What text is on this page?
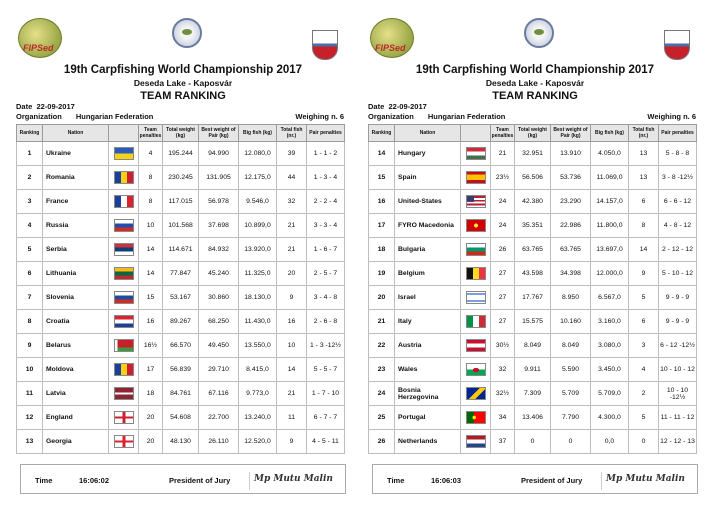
FIPSed
19th Carpfishing World Championship 2017
Deseda Lake - Kaposvár
TEAM RANKING
Date 22-09-2017
Organization Hungarian Federation	Weighing n. 6
Ranking	Nation		Team penalties	Total weight (kg)	Best weight of Pair (kg)	Big fish (kg)	Total fish (nr.)	Pair penalties
1	Ukraine		4	195.244	94.990	12.080,0	39	1 - 1 - 2
2	Romania		8	230.245	131.905	12.175,0	44	1 - 3 - 4
3	France		8	117.015	56.978	9.546,0	32	2 - 2 - 4
4	Russia		10	101.568	37.698	10.899,0	21	3 - 3 - 4
5	Serbia		14	114.671	84.932	13.920,0	21	1 - 6 - 7
6	Lithuania		14	77.847	45.240	11.325,0	20	2 - 5 - 7
7	Slovenia		15	53.167	30.860	18.130,0	9	3 - 4 - 8
8	Croatia		16	89.267	68.250	11.430,0	16	2 - 6 - 8
9	Belarus		16½	66.570	49.450	13.550,0	10	1 - 3 -12½
10	Moldova		17	56.839	29.710	8.415,0	14	5 - 5 - 7
11	Latvia		18	84.761	67.116	9.773,0	21	1 - 7 - 10
12	England		20	54.608	22.700	13.240,0	11	6 - 7 - 7
13	Georgia		20	48.130	26.110	12.520,0	9	4 - 5 - 11
Time	16:06:02	President of Jury	Mp Mutu Malin
FIPSed
19th Carpfishing World Championship 2017
Deseda Lake - Kaposvár
TEAM RANKING
Date 22-09-2017
Organization Hungarian Federation	Weighing n. 6
Ranking	Nation		Team penalties	Total weight (kg)	Best weight of Pair (kg)	Big fish (kg)	Total fish (nr.)	Pair penalties
14	Hungary		21	32.951	13.910	4.050,0	13	5 - 8 - 8
15	Spain		23½	56.506	53.736	11.069,0	13	3 - 8 -12½
16	United-States		24	42.380	23.290	14.157,0	6	6 - 6 - 12
17	FYRO Macedonia		24	35.351	22.986	11.800,0	8	4 - 8 - 12
18	Bulgaria		26	63.765	63.765	13.697,0	14	2 - 12 - 12
19	Belgium		27	43.598	34.398	12.000,0	9	5 - 10 - 12
20	Israel		27	17.767	8.950	6.567,0	5	9 - 9 - 9
21	Italy		27	15.575	10.160	3.160,0	6	9 - 9 - 9
22	Austria		30½	8.049	8.049	3.080,0	3	6 - 12 -12½
23	Wales		32	9.911	5.590	3.450,0	4	10 - 10 - 12
24	Bosnia Herzegovina		32½	7.309	5.709	5.709,0	2	10 - 10 -12½
25	Portugal		34	13.406	7.790	4.300,0	5	11 - 11 - 12
26	Netherlands		37	0	0	0,0	0	12 - 12 - 13
Time	16:06:03	President of Jury	Mp Mutu Malin
